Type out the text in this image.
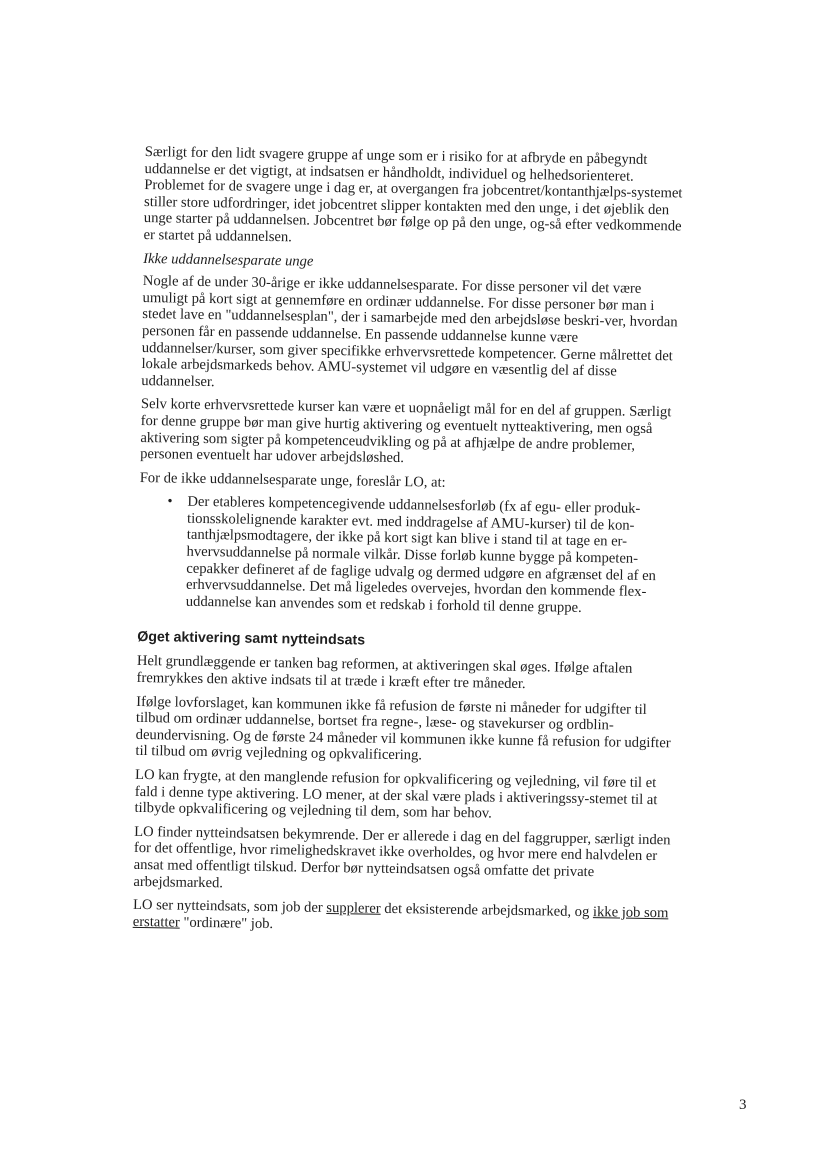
Særligt for den lidt svagere gruppe af unge som er i risiko for at afbryde en påbegyndt uddannelse er det vigtigt, at indsatsen er håndholdt, individuel og helhedsorienteret. Problemet for de svagere unge i dag er, at overgangen fra jobcentret/kontanthjælps-systemet stiller store udfordringer, idet jobcentret slipper kontakten med den unge, i det øjeblik den unge starter på uddannelsen. Jobcentret bør følge op på den unge, og-så efter vedkommende er startet på uddannelsen.

Ikke uddannelsesparate unge

Nogle af de under 30-årige er ikke uddannelsesparate. For disse personer vil det være umuligt på kort sigt at gennemføre en ordinær uddannelse. For disse personer bør man i stedet lave en "uddannelsesplan", der i samarbejde med den arbejdsløse beskri-ver, hvordan personen får en passende uddannelse. En passende uddannelse kunne være uddannelser/kurser, som giver specifikke erhvervsrettede kompetencer. Gerne målrettet det lokale arbejdsmarkeds behov. AMU-systemet vil udgøre en væsentlig del af disse uddannelser.

Selv korte erhvervsrettede kurser kan være et uopnåeligt mål for en del af gruppen. Særligt for denne gruppe bør man give hurtig aktivering og eventuelt nytteaktivering, men også aktivering som sigter på kompetenceudvikling og på at afhjælpe de andre problemer, personen eventuelt har udover arbejdsløshed.

For de ikke uddannelsesparate unge, foreslår LO, at:

• Der etableres kompetencegivende uddannelsesforløb (fx af egu- eller produk-tionsskolelignende karakter evt. med inddragelse af AMU-kurser) til de kon-tanthjælpsmodtagere, der ikke på kort sigt kan blive i stand til at tage en er-hvervsuddannelse på normale vilkår. Disse forløb kunne bygge på kompeten-cepakker defineret af de faglige udvalg og dermed udgøre en afgrænset del af en erhvervsuddannelse. Det må ligeledes overvejes, hvordan den kommende flex-uddannelse kan anvendes som et redskab i forhold til denne gruppe.
Øget aktivering samt nytteindsats

Helt grundlæggende er tanken bag reformen, at aktiveringen skal øges. Ifølge aftalen fremrykkes den aktive indsats til at træde i kræft efter tre måneder.

Ifølge lovforslaget, kan kommunen ikke få refusion de første ni måneder for udgifter til tilbud om ordinær uddannelse, bortset fra regne-, læse- og stavekurser og ordblin-deundervisning. Og de første 24 måneder vil kommunen ikke kunne få refusion for udgifter til tilbud om øvrig vejledning og opkvalificering.

LO kan frygte, at den manglende refusion for opkvalificering og vejledning, vil føre til et fald i denne type aktivering. LO mener, at der skal være plads i aktiveringssy-stemet til at tilbyde opkvalificering og vejledning til dem, som har behov.

LO finder nytteindsatsen bekymrende. Der er allerede i dag en del faggrupper, særligt inden for det offentlige, hvor rimelighedskravet ikke overholdes, og hvor mere end halvdelen er ansat med offentligt tilskud. Derfor bør nytteindsatsen også omfatte det private arbejdsmarked.

LO ser nytteindsats, som job der supplerer det eksisterende arbejdsmarked, og ikke job som erstatter "ordinære" job.

3
